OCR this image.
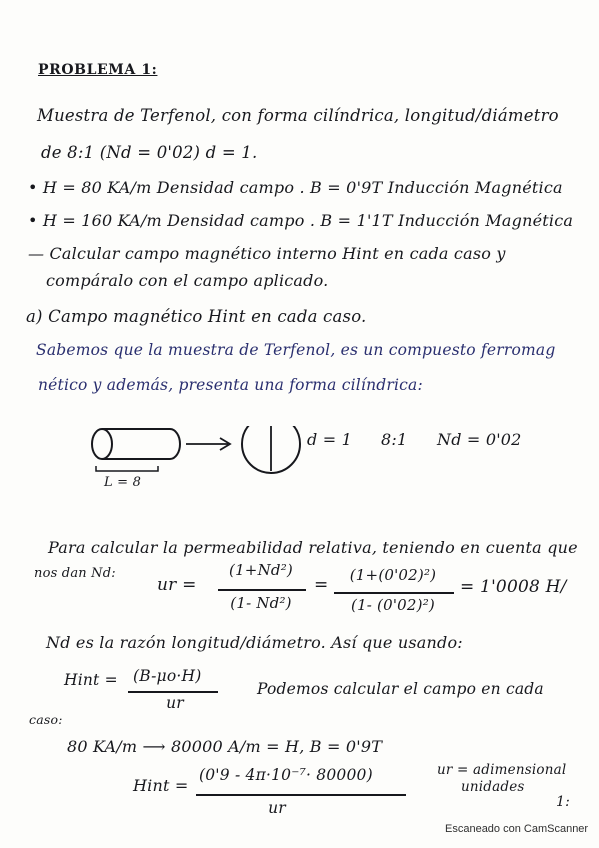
PROBLEMA 1:
Muestra de Terfenol, con forma cilíndrica, longitud/diámetro
de 8:1 (Nd = 0'02) d = 1.
• H = 80 KA/m Densidad campo . B = 0'9T Inducción Magnética
• H = 160 KA/m Densidad campo . B = 1'1T Inducción Magnética
— Calcular campo magnético interno Hint en cada caso y
compáralo con el campo aplicado.
a) Campo magnético Hint en cada caso.
Sabemos que la muestra de Terfenol, es un compuesto ferromag
nético y además, presenta una forma cilíndrica:
d = 1 8:1 Nd = 0'02
L = 8
Para calcular la permeabilidad relativa, teniendo en cuenta que
nos dan Nd:
ur =
(1+Nd²)
(1- Nd²)
=	(1+(0'02)²)
(1- (0'02)²)
= 1'0008 H/
Nd es la razón longitud/diámetro. Así que usando:
Hint = (B-μo·H)
ur
Podemos calcular el campo en cada
caso:
80 KA/m ⟶ 80000 A/m = H, B = 0'9T
Hint =
(0'9 - 4π·10⁻⁷· 80000)
ur
ur = adimensional
unidades
1:
Escaneado con CamScanner
